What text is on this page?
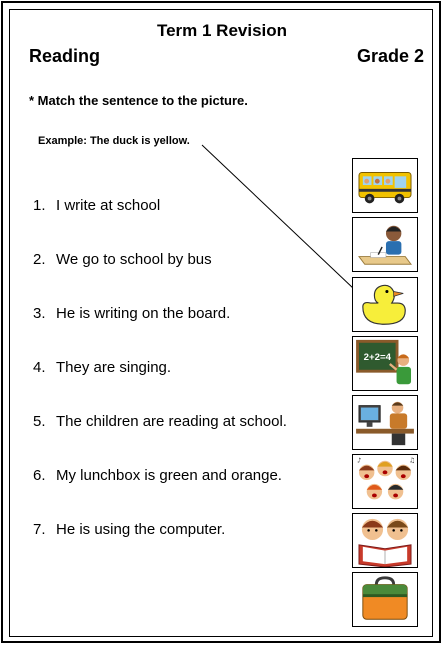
Term 1 Revision
Reading	Grade 2
* Match the sentence to the picture.
Example: The duck is yellow.
1. I write at school
2. We go to school by bus
3. He is writing on the board.
4. They are singing.
5. The children are reading at school.
6. My lunchbox is green and orange.
7. He is using the computer.
2+2=4
♪	♫
